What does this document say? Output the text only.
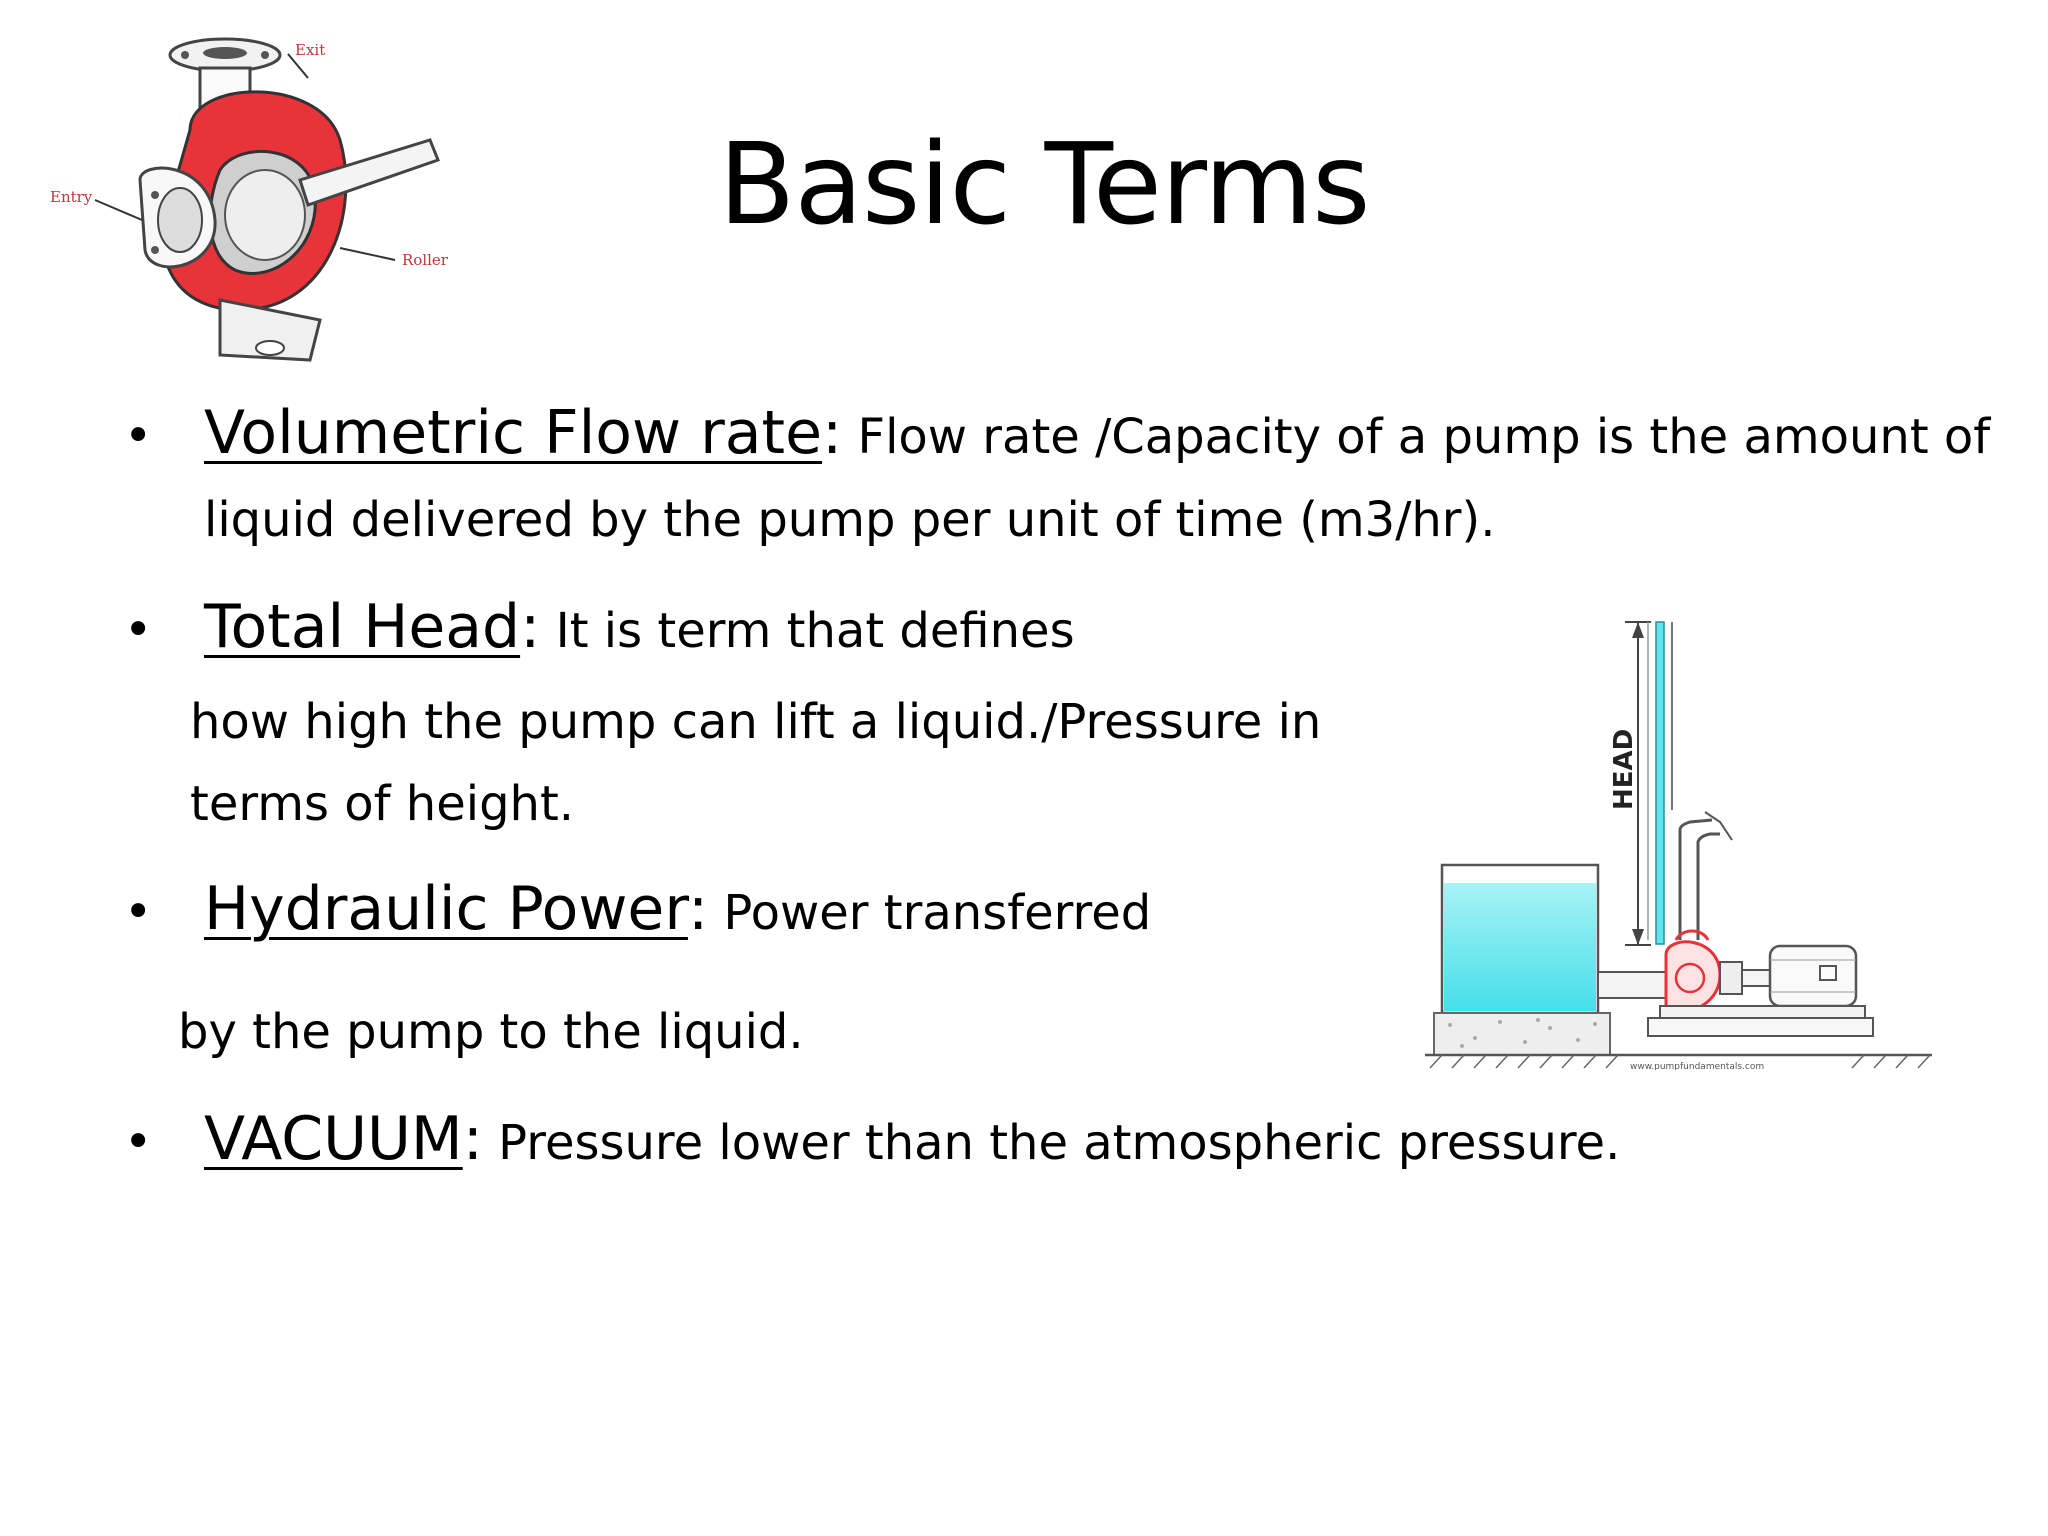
Exit
Entry
Roller
Basic Terms
• Volumetric Flow rate: Flow rate /Capacity of a pump is the amount of

liquid delivered by the pump per unit of time (m3/hr).

• Total Head: It is term that defines

how high the pump can lift a liquid./Pressure in

terms of height.

• Hydraulic Power: Power transferred

by the pump to the liquid.

• VACUUM: Pressure lower than the atmospheric pressure.

HEAD
www.pumpfundamentals.com
